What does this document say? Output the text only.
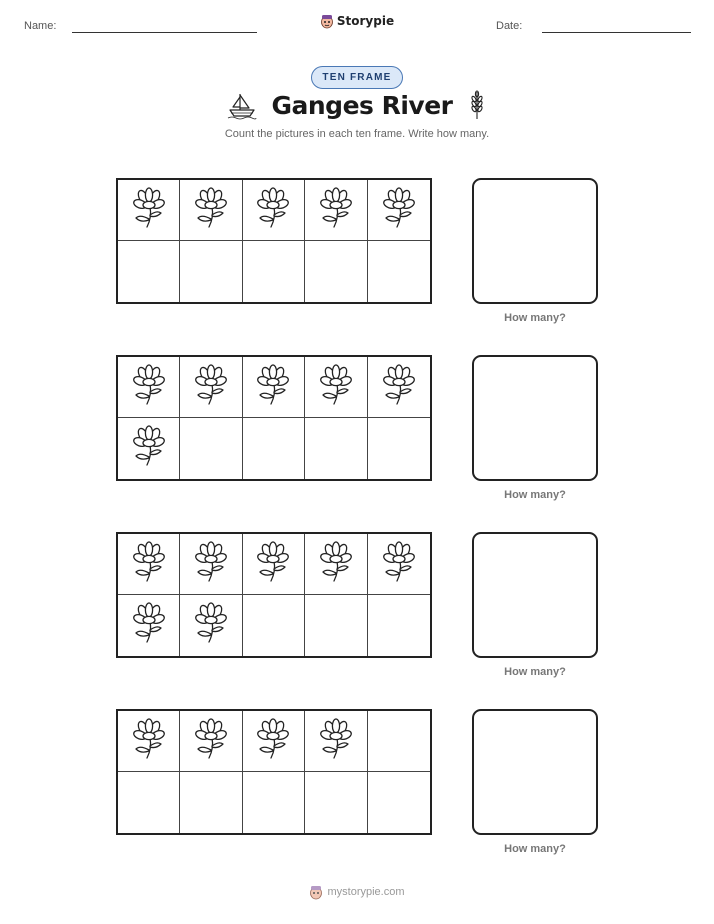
Name:	Storypie	Date:
TEN FRAME
Ganges River
Count the pictures in each ten frame. Write how many.
How many?
How many?
How many?
How many?
mystorypie.com
